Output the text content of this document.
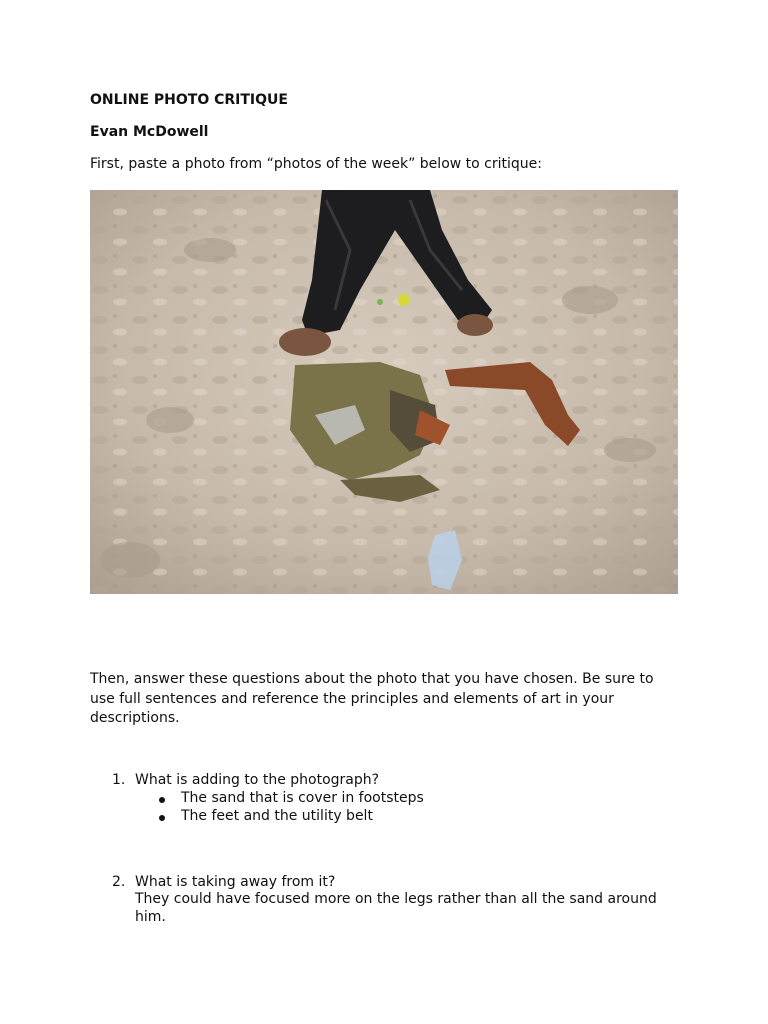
ONLINE PHOTO CRITIQUE
Evan McDowell
First, paste a photo from “photos of the week” below to critique:
Then, answer these questions about the photo that you have chosen. Be sure to use full sentences and reference the principles and elements of art in your descriptions.
1. What is adding to the photograph?
The sand that is cover in footsteps
The feet and the utility belt
2. What is taking away from it?
They could have focused more on the legs rather than all the sand around
him.
